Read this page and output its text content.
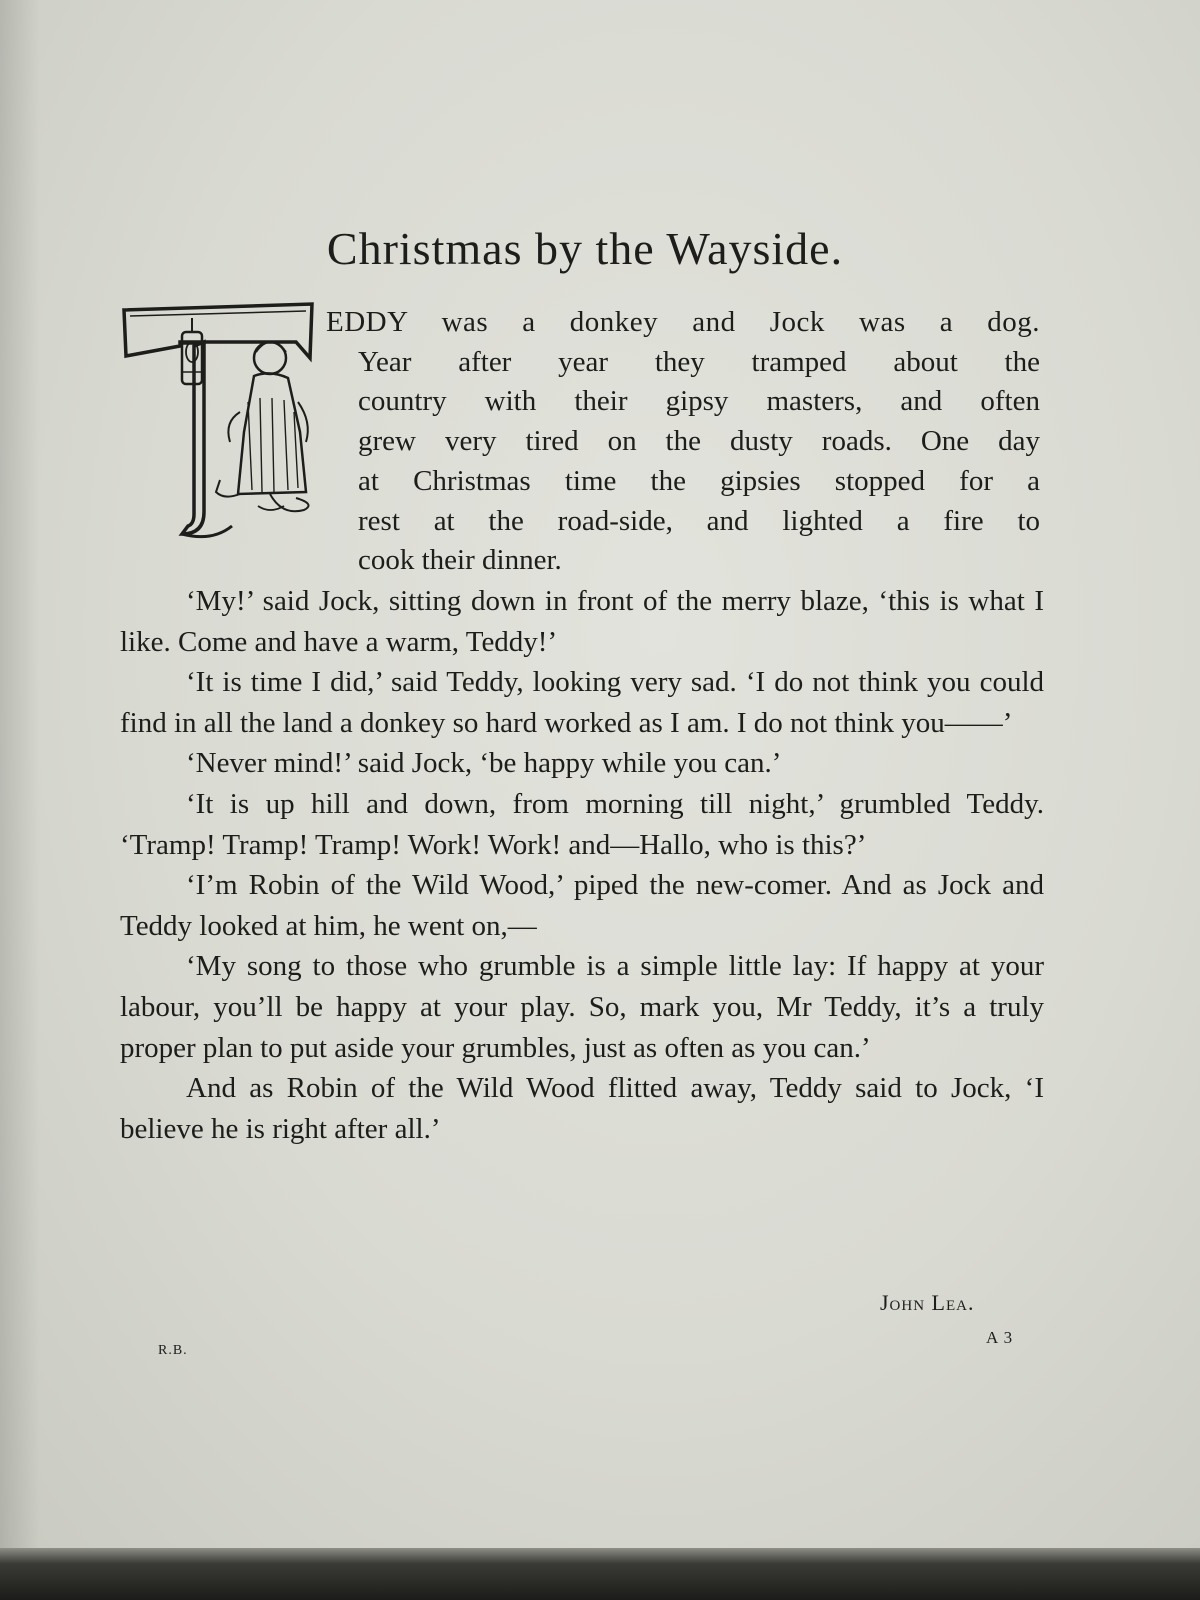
Christmas by the Wayside.
EDDY was a donkey and Jock was a dog.
Year after year they tramped about the
country with their gipsy masters, and often
grew very tired on the dusty roads. One day
at Christmas time the gipsies stopped for a
rest at the road-side, and lighted a fire to
cook their dinner.

‘My!’ said Jock, sitting down in front of the merry blaze, ‘this is what I like. Come and have a warm, Teddy!’

‘It is time I did,’ said Teddy, looking very sad. ‘I do not think you could find in all the land a donkey so hard worked as I am. I do not think you——’

‘Never mind!’ said Jock, ‘be happy while you can.’

‘It is up hill and down, from morning till night,’ grumbled Teddy. ‘Tramp! Tramp! Tramp! Work! Work! and—Hallo, who is this?’

‘I’m Robin of the Wild Wood,’ piped the new-comer. And as Jock and Teddy looked at him, he went on,—

‘My song to those who grumble is a simple little lay: If happy at your labour, you’ll be happy at your play. So, mark you, Mr Teddy, it’s a truly proper plan to put aside your grumbles, just as often as you can.’

And as Robin of the Wild Wood flitted away, Teddy said to Jock, ‘I believe he is right after all.’

John Lea.
A 3
R.B.
